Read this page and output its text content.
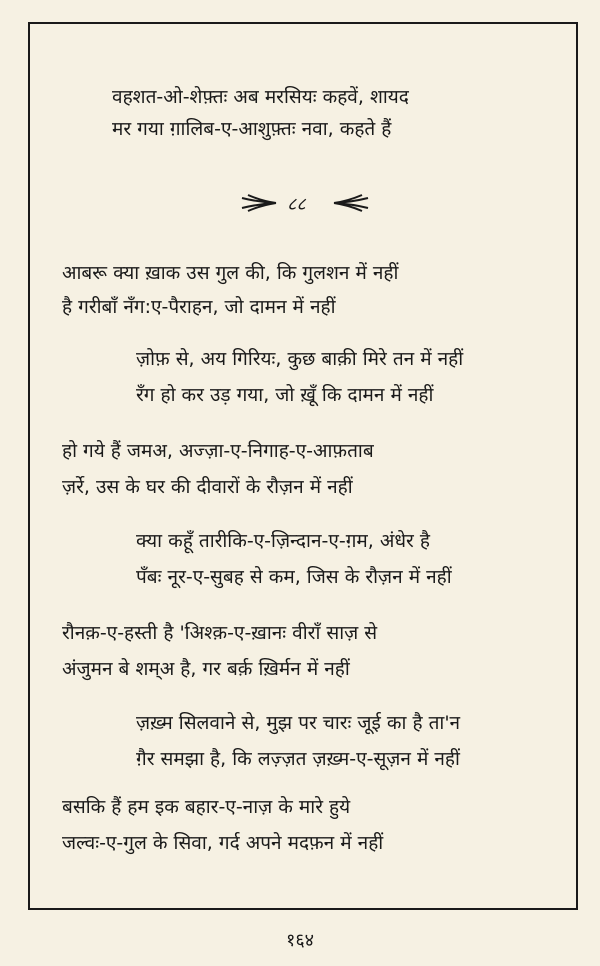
वहशत-ओ-शेफ़्तः अब मरसियः कहवें, शायद
मर गया ग़ालिब-ए-आशुफ़्तः नवा, कहते हैं
८८
आबरू क्या ख़ाक उस गुल की, कि गुलशन में नहीं
है गरीबाँ नँग:ए-पैराहन, जो दामन में नहीं
ज़ोफ़ से, अय गिरियः, कुछ बाक़ी मिरे तन में नहीं
रँग हो कर उड़ गया, जो ख़ूँ कि दामन में नहीं
हो गये हैं जमअ, अज्ज़ा-ए-निगाह-ए-आफ़ताब
ज़र्रे, उस के घर की दीवारों के रौज़न में नहीं
क्या कहूँ तारीकि-ए-ज़िन्दान-ए-ग़म, अंधेर है
पँबः नूर-ए-सुबह से कम, जिस के रौज़न में नहीं
रौनक़-ए-हस्ती है 'अिश्क़-ए-ख़ानः वीराँ साज़ से
अंजुमन बे शम्अ है, गर बर्क़ ख़िर्मन में नहीं
ज़ख़्म सिलवाने से, मुझ पर चारः जूई का है ता'न
ग़ैर समझा है, कि लज़्ज़त ज़ख़्म-ए-सूज़न में नहीं
बसकि हैं हम इक बहार-ए-नाज़ के मारे हुये
जल्वः-ए-गुल के सिवा, गर्द अपने मदफ़न में नहीं
१६४
